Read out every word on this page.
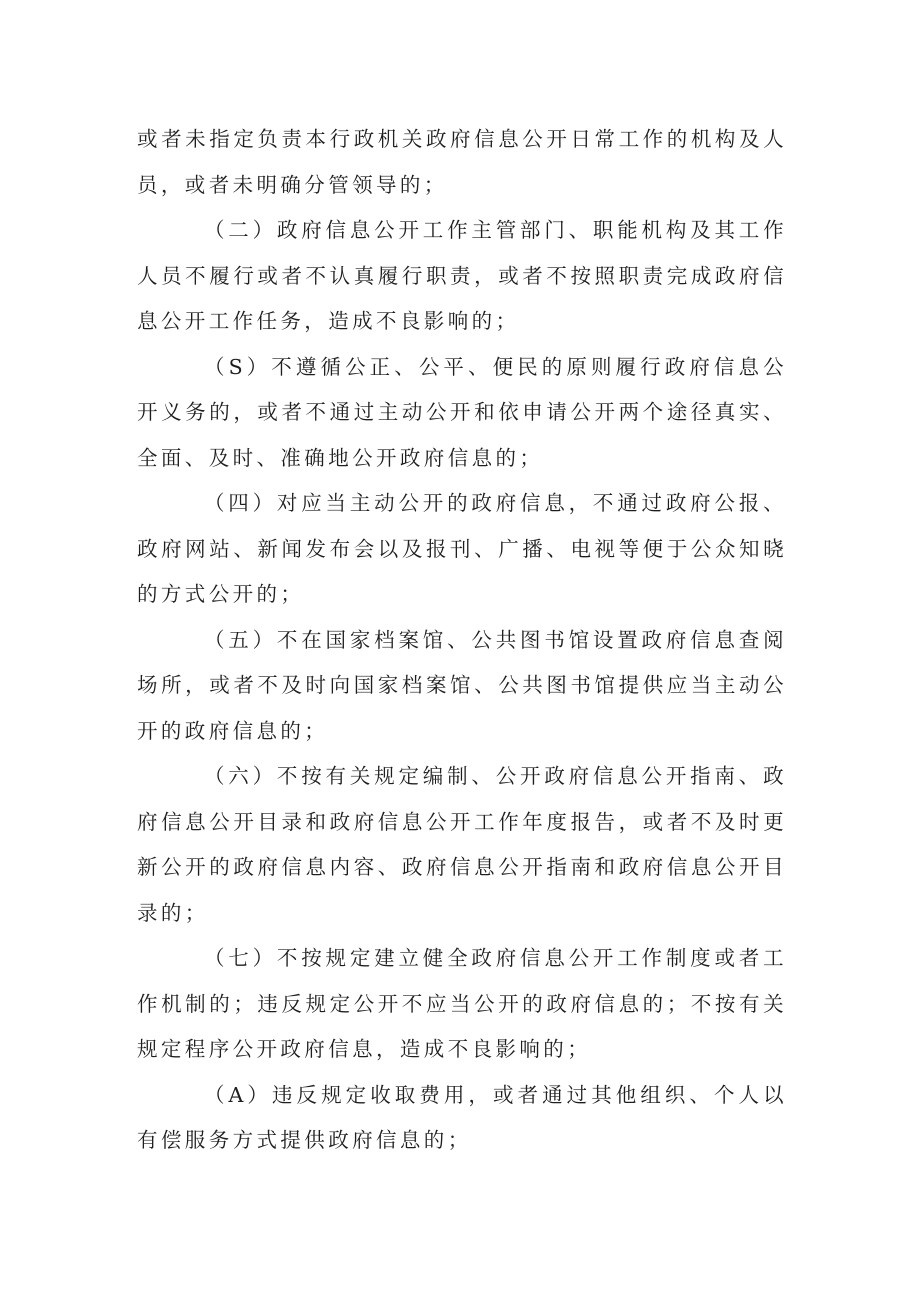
或者未指定负责本行政机关政府信息公开日常工作的机构及人员，或者未明确分管领导的；

（二）政府信息公开工作主管部门、职能机构及其工作人员不履行或者不认真履行职责，或者不按照职责完成政府信息公开工作任务，造成不良影响的；

（S）不遵循公正、公平、便民的原则履行政府信息公开义务的，或者不通过主动公开和依申请公开两个途径真实、全面、及时、准确地公开政府信息的；

（四）对应当主动公开的政府信息，不通过政府公报、政府网站、新闻发布会以及报刊、广播、电视等便于公众知晓的方式公开的；

（五）不在国家档案馆、公共图书馆设置政府信息查阅场所，或者不及时向国家档案馆、公共图书馆提供应当主动公开的政府信息的；

（六）不按有关规定编制、公开政府信息公开指南、政府信息公开目录和政府信息公开工作年度报告，或者不及时更新公开的政府信息内容、政府信息公开指南和政府信息公开目录的；

（七）不按规定建立健全政府信息公开工作制度或者工作机制的；违反规定公开不应当公开的政府信息的；不按有关规定程序公开政府信息，造成不良影响的；

（A）违反规定收取费用，或者通过其他组织、个人以有偿服务方式提供政府信息的；
